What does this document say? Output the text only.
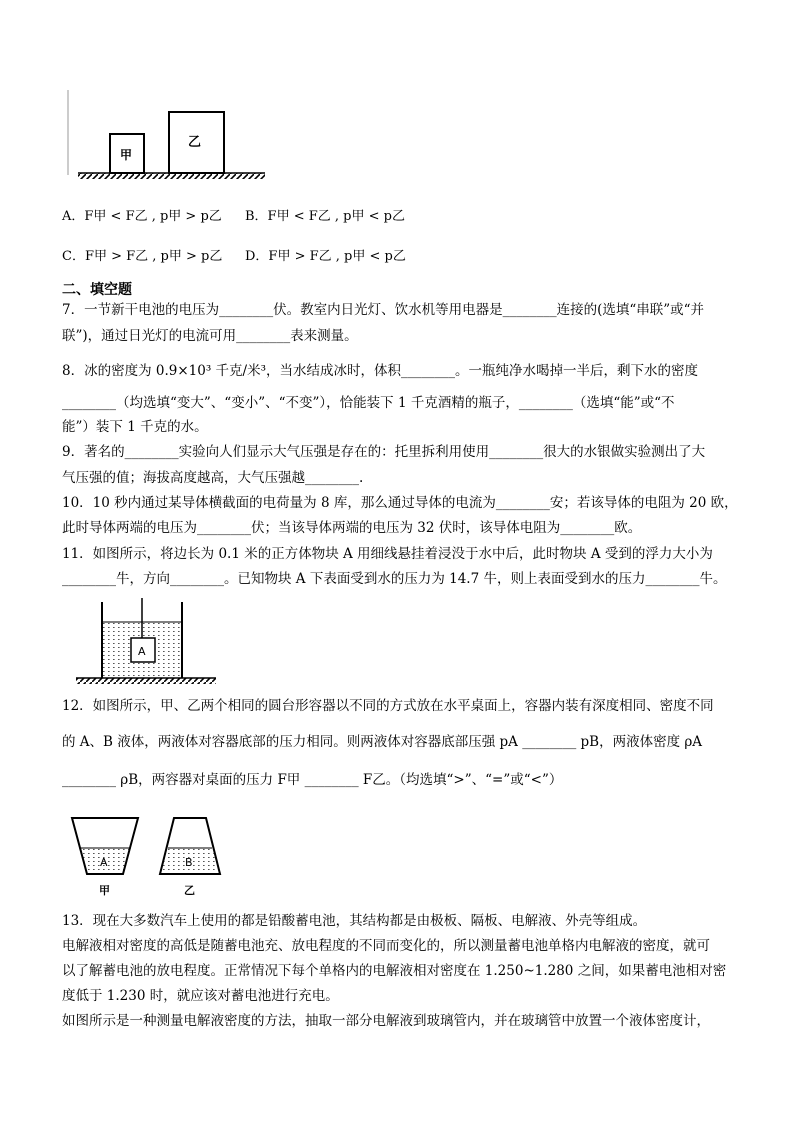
甲
乙
A．F甲 < F乙 , p甲 > p乙 B．F甲 < F乙 , p甲 < p乙
C．F甲 > F乙 , p甲 > p乙 D．F甲 > F乙 , p甲 < p乙
二、填空题
7．一节新干电池的电压为________伏。教室内日光灯、饮水机等用电器是________连接的(选填“串联”或“并
联”)，通过日光灯的电流可用________表来测量。
8．冰的密度为 0.9×10³ 千克/米³，当水结成冰时，体积________。一瓶纯净水喝掉一半后，剩下水的密度
________（均选填“变大”、“变小”、“不变”），恰能装下 1 千克酒精的瓶子，________（选填“能”或“不
能”）装下 1 千克的水。
9．著名的________实验向人们显示大气压强是存在的：托里拆利用使用________很大的水银做实验测出了大
气压强的值；海拔高度越高，大气压强越________.
10．10 秒内通过某导体横截面的电荷量为 8 库，那么通过导体的电流为________安；若该导体的电阻为 20 欧，
此时导体两端的电压为________伏；当该导体两端的电压为 32 伏时，该导体电阻为________欧。
11．如图所示，将边长为 0.1 米的正方体物块 A 用细线悬挂着浸没于水中后，此时物块 A 受到的浮力大小为
________牛，方向________。已知物块 A 下表面受到水的压力为 14.7 牛，则上表面受到水的压力________牛。
A
12．如图所示，甲、乙两个相同的圆台形容器以不同的方式放在水平桌面上，容器内装有深度相同、密度不同
的 A、B 液体，两液体对容器底部的压力相同。则两液体对容器底部压强 pA ________ pB，两液体密度 ρA
________ ρB，两容器对桌面的压力 F甲 ________ F乙。（均选填“>”、“=”或“<”）
A	B
甲	乙
13．现在大多数汽车上使用的都是铅酸蓄电池，其结构都是由极板、隔板、电解液、外壳等组成。
电解液相对密度的高低是随蓄电池充、放电程度的不同而变化的，所以测量蓄电池单格内电解液的密度，就可
以了解蓄电池的放电程度。正常情况下每个单格内的电解液相对密度在 1.250~1.280 之间，如果蓄电池相对密
度低于 1.230 时，就应该对蓄电池进行充电。
如图所示是一种测量电解液密度的方法，抽取一部分电解液到玻璃管内，并在玻璃管中放置一个液体密度计，
